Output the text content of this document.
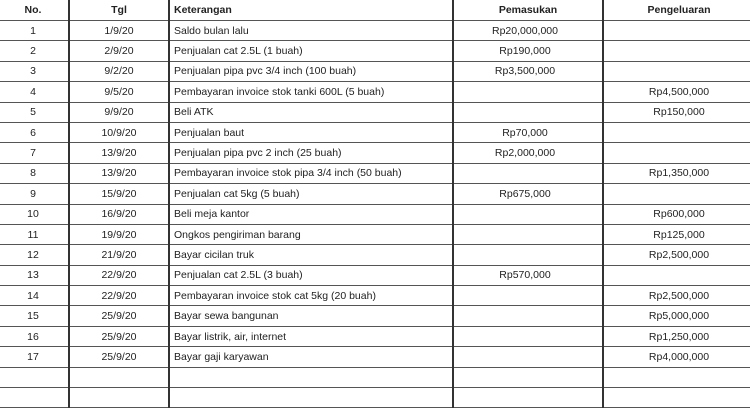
No.	Tgl	Keterangan	Pemasukan	Pengeluaran
1	1/9/20	Saldo bulan lalu	Rp20,000,000	
2	2/9/20	Penjualan cat 2.5L (1 buah)	Rp190,000	
3	9/2/20	Penjualan pipa pvc 3/4 inch (100 buah)	Rp3,500,000	
4	9/5/20	Pembayaran invoice stok tanki 600L (5 buah)		Rp4,500,000
5	9/9/20	Beli ATK		Rp150,000
6	10/9/20	Penjualan baut	Rp70,000	
7	13/9/20	Penjualan pipa pvc 2 inch (25 buah)	Rp2,000,000	
8	13/9/20	Pembayaran invoice stok pipa 3/4 inch (50 buah)		Rp1,350,000
9	15/9/20	Penjualan cat 5kg (5 buah)	Rp675,000	
10	16/9/20	Beli meja kantor		Rp600,000
11	19/9/20	Ongkos pengiriman barang		Rp125,000
12	21/9/20	Bayar cicilan truk		Rp2,500,000
13	22/9/20	Penjualan cat 2.5L (3 buah)	Rp570,000	
14	22/9/20	Pembayaran invoice stok cat 5kg (20 buah)		Rp2,500,000
15	25/9/20	Bayar sewa bangunan		Rp5,000,000
16	25/9/20	Bayar listrik, air, internet		Rp1,250,000
17	25/9/20	Bayar gaji karyawan		Rp4,000,000
